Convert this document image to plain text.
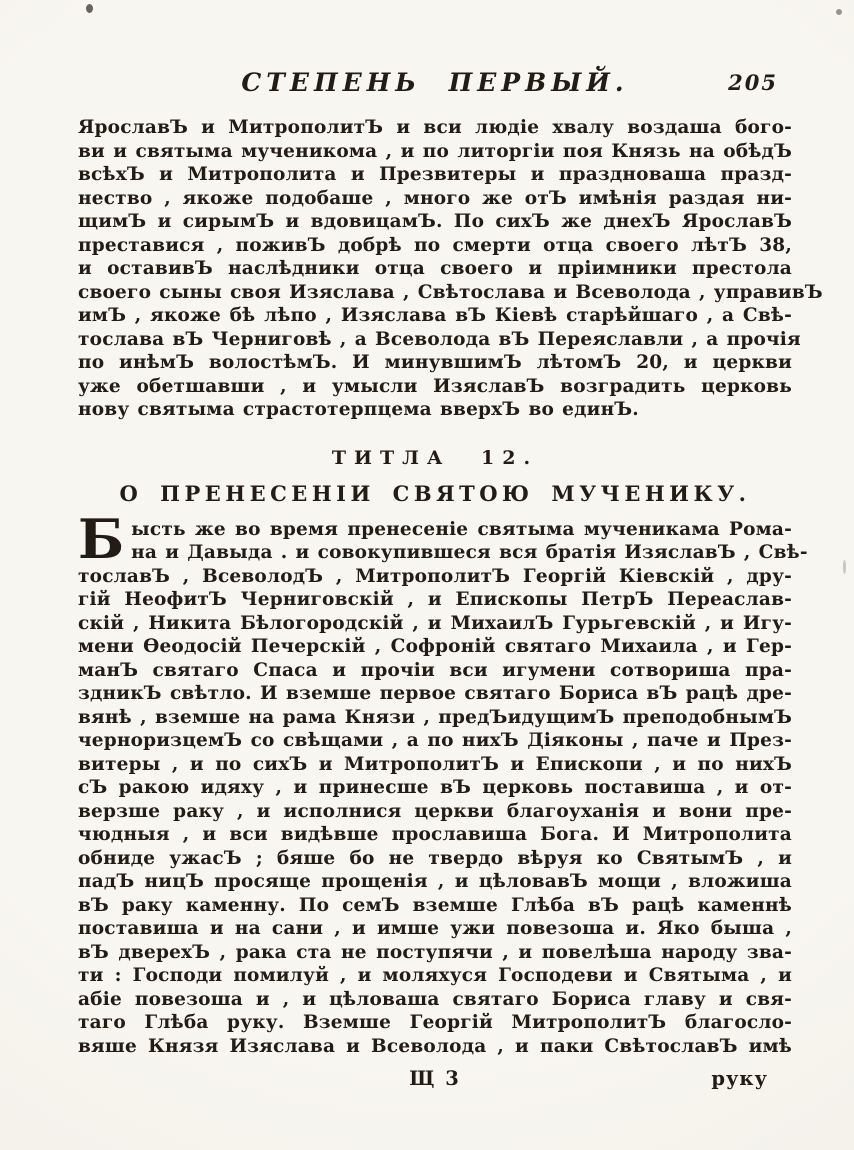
СТЕПЕНЬ ПЕРВЫЙ.	205
ЯрославЪ и МитрополитЪ и вси людіе хвалу воздаша бого-
ви и святыма мученикома , и по литоргіи поя Князь на обѣдЪ
всѣхЪ и Митрополита и Презвитеры и праздноваша празд-
нество , якоже подобаше , много же отЪ имѣнія раздая ни-
щимЪ и сирымЪ и вдовицамЪ. По сихЪ же днехЪ ЯрославЪ
преставися , поживЪ добрѣ по смерти отца своего лѣтЪ 38,
и оставивЪ наслѣдники отца своего и пріимники престола
своего сыны своя Изяслава , Свѣтослава и Всеволода , управивЪ
имЪ , якоже бѣ лѣпо , Изяслава вЪ Кіевѣ старѣйшаго , а Свѣ-
тослава вЪ Черниговѣ , а Всеволода вЪ Переяславли , а прочія
по инѣмЪ волостѣмЪ. И минувшимЪ лѣтомЪ 20, и церкви
уже обетшавши , и умысли ИзяславЪ возградить церковь
нову святыма страстотерпцема вверхЪ во единЪ.
ТИТЛА 12.
О ПРЕНЕСЕНІИ СВЯТОЮ МУЧЕНИКУ.
Б ысть же во время пренесеніе святыма мученикама Рома-
на и Давыда . и совокупившеся вся братія ИзяславЪ , Свѣ-
тославЪ , ВсеволодЪ , МитрополитЪ Георгій Кіевскій , дру-
гій НеофитЪ Черниговскій , и Епископы ПетрЪ Переаслав-
скій , Никита Бѣлогородскій , и МихаилЪ Гурьгевскій , и Игу-
мени Ѳеодосій Печерскій , Софроній святаго Михаила , и Гер-
манЪ святаго Спаса и прочіи вси игумени сотвориша пра-
здникЪ свѣтло. И вземше первое святаго Бориса вЪ рацѣ дре-
вянѣ , вземше на рама Князи , предЪидущимЪ преподобнымЪ
черноризцемЪ со свѣщами , а по нихЪ Діяконы , паче и През-
витеры , и по сихЪ и МитрополитЪ и Епископи , и по нихЪ
сЪ ракою идяху , и принесше вЪ церковь поставиша , и от-
верзше раку , и исполнися церкви благоуханія и вони пре-
чюдныя , и вси видѣвше прославиша Бога. И Митрополита
обниде ужасЪ ; бяше бо не твердо вѣруя ко СвятымЪ , и
падЪ ницЪ просяще прощенія , и цѣловавЪ мощи , вложиша
вЪ раку каменну. По семЪ вземше Глѣба вЪ рацѣ каменнѣ
поставиша и на сани , и имше ужи повезоша и. Яко быша ,
вЪ дверехЪ , рака ста не поступячи , и повелѣша народу зва-
ти : Господи помилуй , и моляхуся Господеви и Святыма , и
абіе повезоша и , и цѣловаша святаго Бориса главу и свя-
таго Глѣба руку. Вземше Георгій МитрополитЪ благосло-
вяше Князя Изяслава и Всеволода , и паки СвѣтославЪ имѣ
Щ 3	руку
